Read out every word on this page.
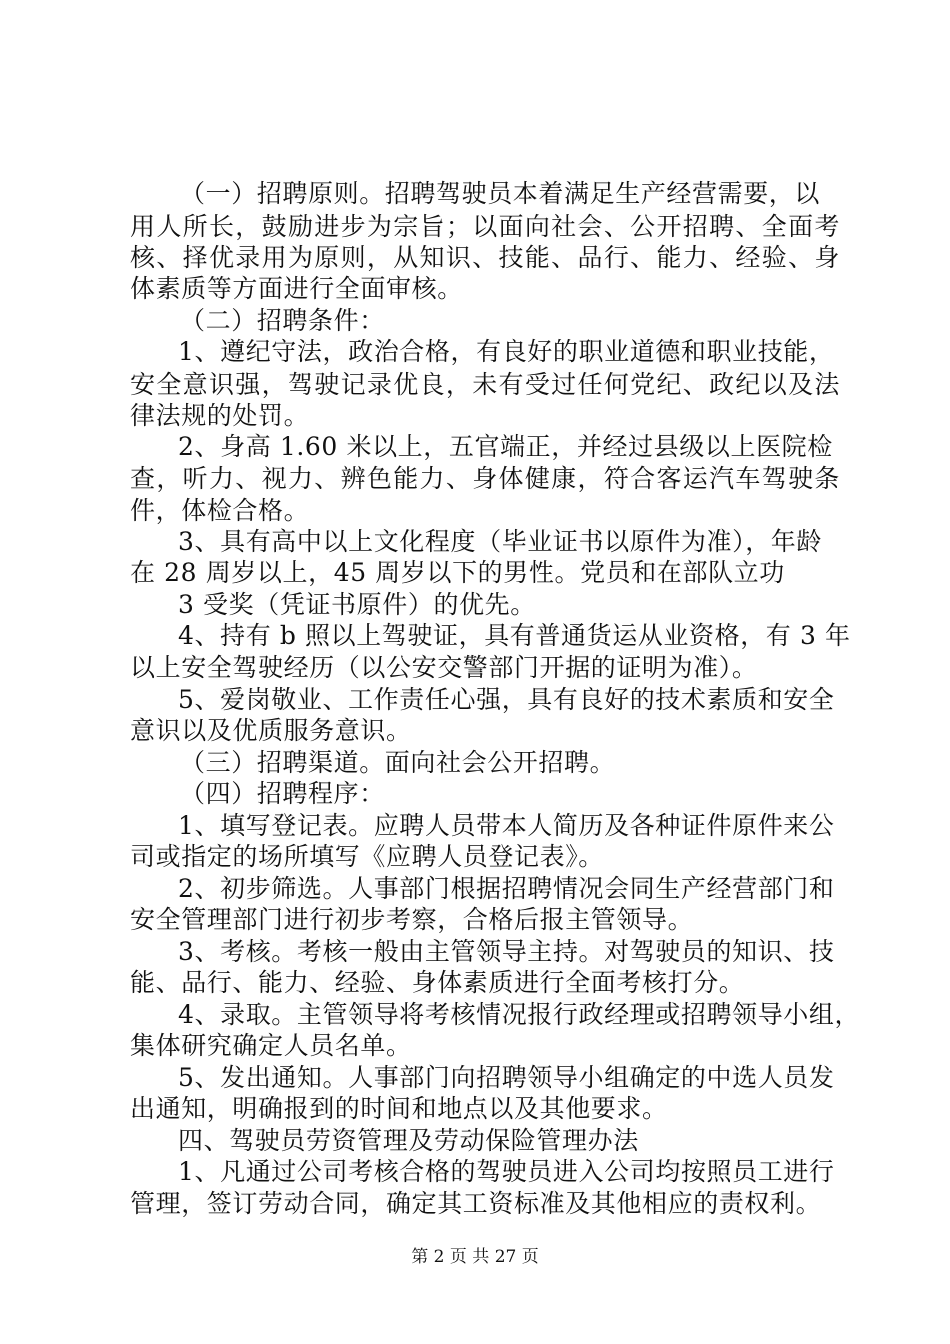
（一）招聘原则。招聘驾驶员本着满足生产经营需要，以
用人所长，鼓励进步为宗旨；以面向社会、公开招聘、全面考
核、择优录用为原则，从知识、技能、品行、能力、经验、身
体素质等方面进行全面审核。
（二）招聘条件：
1、遵纪守法，政治合格，有良好的职业道德和职业技能，
安全意识强，驾驶记录优良，未有受过任何党纪、政纪以及法
律法规的处罚。
2、身高 1.60 米以上，五官端正，并经过县级以上医院检
查，听力、视力、辨色能力、身体健康，符合客运汽车驾驶条
件，体检合格。
3、具有高中以上文化程度（毕业证书以原件为准），年龄
在 28 周岁以上，45 周岁以下的男性。党员和在部队立功
3 受奖（凭证书原件）的优先。
4、持有 b 照以上驾驶证，具有普通货运从业资格，有 3 年
以上安全驾驶经历（以公安交警部门开据的证明为准）。
5、爱岗敬业、工作责任心强，具有良好的技术素质和安全
意识以及优质服务意识。
（三）招聘渠道。面向社会公开招聘。
（四）招聘程序：
1、填写登记表。应聘人员带本人简历及各种证件原件来公
司或指定的场所填写《应聘人员登记表》。
2、初步筛选。人事部门根据招聘情况会同生产经营部门和
安全管理部门进行初步考察，合格后报主管领导。
3、考核。考核一般由主管领导主持。对驾驶员的知识、技
能、品行、能力、经验、身体素质进行全面考核打分。
4、录取。主管领导将考核情况报行政经理或招聘领导小组，
集体研究确定人员名单。
5、发出通知。人事部门向招聘领导小组确定的中选人员发
出通知，明确报到的时间和地点以及其他要求。
四、驾驶员劳资管理及劳动保险管理办法
1、凡通过公司考核合格的驾驶员进入公司均按照员工进行
管理，签订劳动合同，确定其工资标准及其他相应的责权利。
第 2 页 共 27 页
